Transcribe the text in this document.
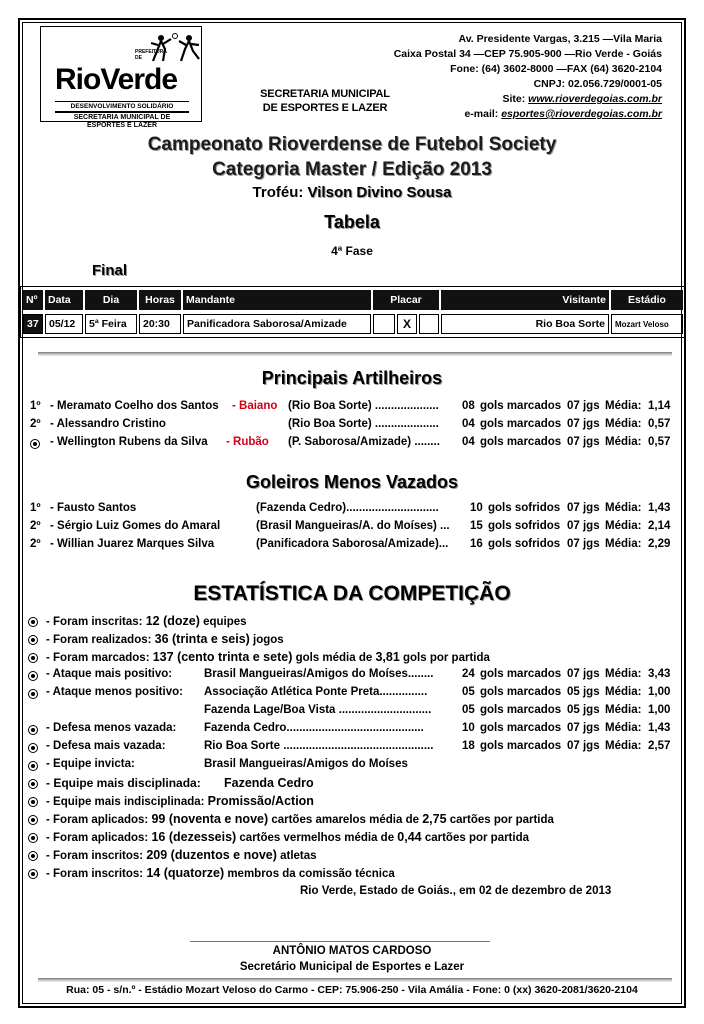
PREFEITURA DE
RioVerde
DESENVOLVIMENTO SOLIDÁRIO
SECRETARIA MUNICIPAL DE ESPORTES E LAZER
SECRETARIA MUNICIPAL
DE ESPORTES E LAZER
Av. Presidente Vargas, 3.215 —Vila Maria
Caixa Postal 34 —CEP 75.905-900 —Rio Verde - Goiás
Fone: (64) 3602-8000 —FAX (64) 3620-2104
CNPJ: 02.056.729/0001-05
Site: www.rioverdegoias.com.br
e-mail: esportes@rioverdegoias.com.br
Campeonato Rioverdense de Futebol Society
Categoria Master / Edição 2013
Troféu: Vilson Divino Sousa
Tabela
4ª Fase
Final
Nº	Data	Dia	Horas	Mandante	Placar	Visitante	Estádio
37 05/12	5ª Feira	20:30	Panificadora Saborosa/Amizade	X	Rio Boa Sorte	Mozart Veloso
Principais Artilheiros
1º - Meramato Coelho dos Santos - Baiano (Rio Boa Sorte) .................... 08 gols marcados 07 jgs Média: 1,14
2º - Alessandro Cristino	(Rio Boa Sorte) .................... 04 gols marcados 07 jgs Média: 0,57
- Wellington Rubens da Silva - Rubão (P. Saborosa/Amizade) ........ 04 gols marcados 07 jgs Média: 0,57
Goleiros Menos Vazados
1º - Fausto Santos	(Fazenda Cedro).............................	10 gols sofridos 07 jgs Média: 1,43
2º - Sérgio Luiz Gomes do Amaral	(Brasil Mangueiras/A. do Moíses) ... 15 gols sofridos 07 jgs Média: 2,14
2º - Willian Juarez Marques Silva	(Panificadora Saborosa/Amizade)... 16 gols sofridos 07 jgs Média: 2,29
ESTATÍSTICA DA COMPETIÇÃO
- Foram inscritas: 12 (doze) equipes
- Foram realizados: 36 (trinta e seis) jogos
- Foram marcados: 137 (cento trinta e sete) gols média de 3,81 gols por partida
- Ataque mais positivo:	Brasil Mangueiras/Amigos do Moíses........ 24 gols marcados 07 jgs Média: 3,43
- Ataque menos positivo: Associação Atlética Ponte Preta...............	05 gols marcados 05 jgs Média: 1,00
Fazenda Lage/Boa Vista .............................	05 gols marcados 05 jgs Média: 1,00
- Defesa menos vazada: Fazenda Cedro...........................................	10 gols marcados 07 jgs Média: 1,43
- Defesa mais vazada:	Rio Boa Sorte ............................................... 18 gols marcados 07 jgs Média: 2,57
- Equipe invicta:	Brasil Mangueiras/Amigos do Moíses
- Equipe mais disciplinada: Fazenda Cedro
- Equipe mais indisciplinada: Promissão/Action
- Foram aplicados: 99 (noventa e nove) cartões amarelos média de 2,75 cartões por partida
- Foram aplicados: 16 (dezesseis) cartões vermelhos média de 0,44 cartões por partida
- Foram inscritos: 209 (duzentos e nove) atletas
- Foram inscritos: 14 (quatorze) membros da comissão técnica
Rio Verde, Estado de Goiás., em 02 de dezembro de 2013
ANTÔNIO MATOS CARDOSO
Secretário Municipal de Esportes e Lazer
Rua: 05 - s/n.º - Estádio Mozart Veloso do Carmo - CEP: 75.906-250 - Vila Amália - Fone: 0 (xx) 3620-2081/3620-2104
